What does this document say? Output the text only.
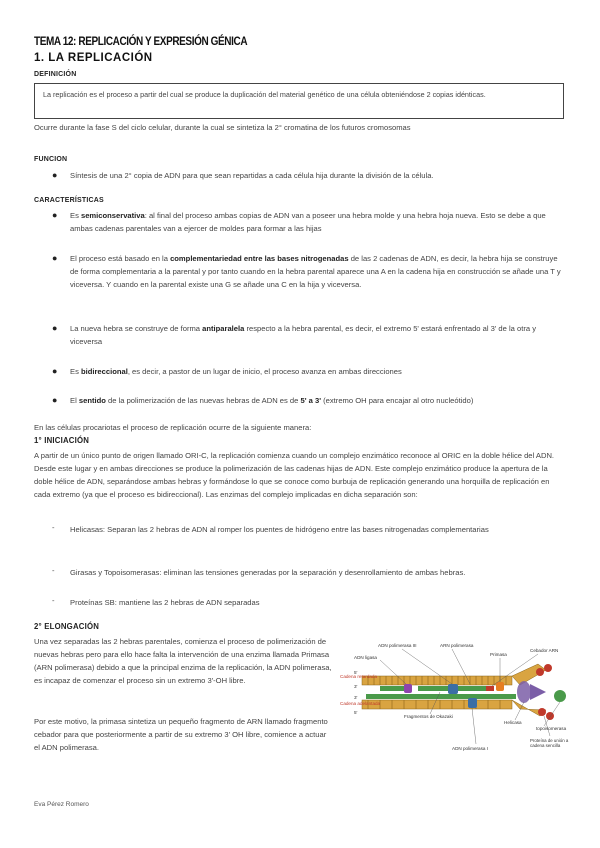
TEMA 12: REPLICACIÓN Y EXPRESIÓN GÉNICA
1. LA REPLICACIÓN
DEFINICIÓN
La replicación es el proceso a partir del cual se produce la duplicación del material genético de una célula obteniéndose 2 copias idénticas.
Ocurre durante la fase S del ciclo celular, durante la cual se sintetiza la 2° cromatina de los futuros cromosomas
FUNCION
● Síntesis de una 2° copia de ADN para que sean repartidas a cada célula hija durante la división de la célula.
CARACTERÍSTICAS
● Es semiconservativa: al final del proceso ambas copias de ADN van a poseer una hebra molde y una hebra hoja nueva. Esto se debe a que ambas cadenas parentales van a ejercer de moldes para formar a las hijas
● El proceso está basado en la complementariedad entre las bases nitrogenadas de las 2 cadenas de ADN, es decir, la hebra hija se construye de forma complementaria a la parental y por tanto cuando en la hebra parental aparece una A en la cadena hija en construcción se añade una T y viceversa. Y cuando en la parental existe una G se añade una C en la hija y viceversa.
● La nueva hebra se construye de forma antiparalela respecto a la hebra parental, es decir, el extremo 5' estará enfrentado al 3' de la otra y viceversa
● Es bidireccional, es decir, a pastor de un lugar de inicio, el proceso avanza en ambas direcciones
● El sentido de la polimerización de las nuevas hebras de ADN es de 5' a 3' (extremo OH para encajar al otro nucleótido)
En las células procariotas el proceso de replicación ocurre de la siguiente manera:
1° INICIACIÓN
A partir de un único punto de origen llamado ORI-C, la replicación comienza cuando un complejo enzimático reconoce al ORIC en la doble hélice del ADN. Desde este lugar y en ambas direcciones se produce la polimerización de las cadenas hijas de ADN. Este complejo enzimático produce la apertura de la doble hélice de ADN, separándose ambas hebras y formándose lo que se conoce como burbuja de replicación generando una horquilla de replicación en cada extremo (ya que el proceso es bidireccional). Las enzimas del complejo implicadas en dicha separación son:
- Helicasas: Separan las 2 hebras de ADN al romper los puentes de hidrógeno entre las bases nitrogenadas complementarias
- Girasas y Topoisomerasas: eliminan las tensiones generadas por la separación y desenrollamiento de ambas hebras.
- Proteínas SB: mantiene las 2 hebras de ADN separadas
2° ELONGACIÓN
Una vez separadas las 2 hebras parentales, comienza el proceso de polimerización de nuevas hebras pero para ello hace falta la intervención de una enzima llamada Primasa (ARN polimerasa) debido a que la principal enzima de la replicación, la ADN polimerasa, es incapaz de comenzar el proceso sin un extremo 3'-OH libre.
Por este motivo, la primasa sintetiza un pequeño fragmento de ARN llamado fragmento cebador para que posteriormente a partir de su extremo 3' OH libre, comience a actuar el ADN polimerasa.
ADN polimerasa III	ARN polimerasa
ADN ligasa
Primasa
Cebador ARN
Cadena retardada
Cadena adelantada
5'
3'
3'
5'
Fragmentos de Okazaki
Helicasa
topoisomerasa
ADN polimerasa I
Proteína de unión a cadena sencilla
Eva Pérez Romero
